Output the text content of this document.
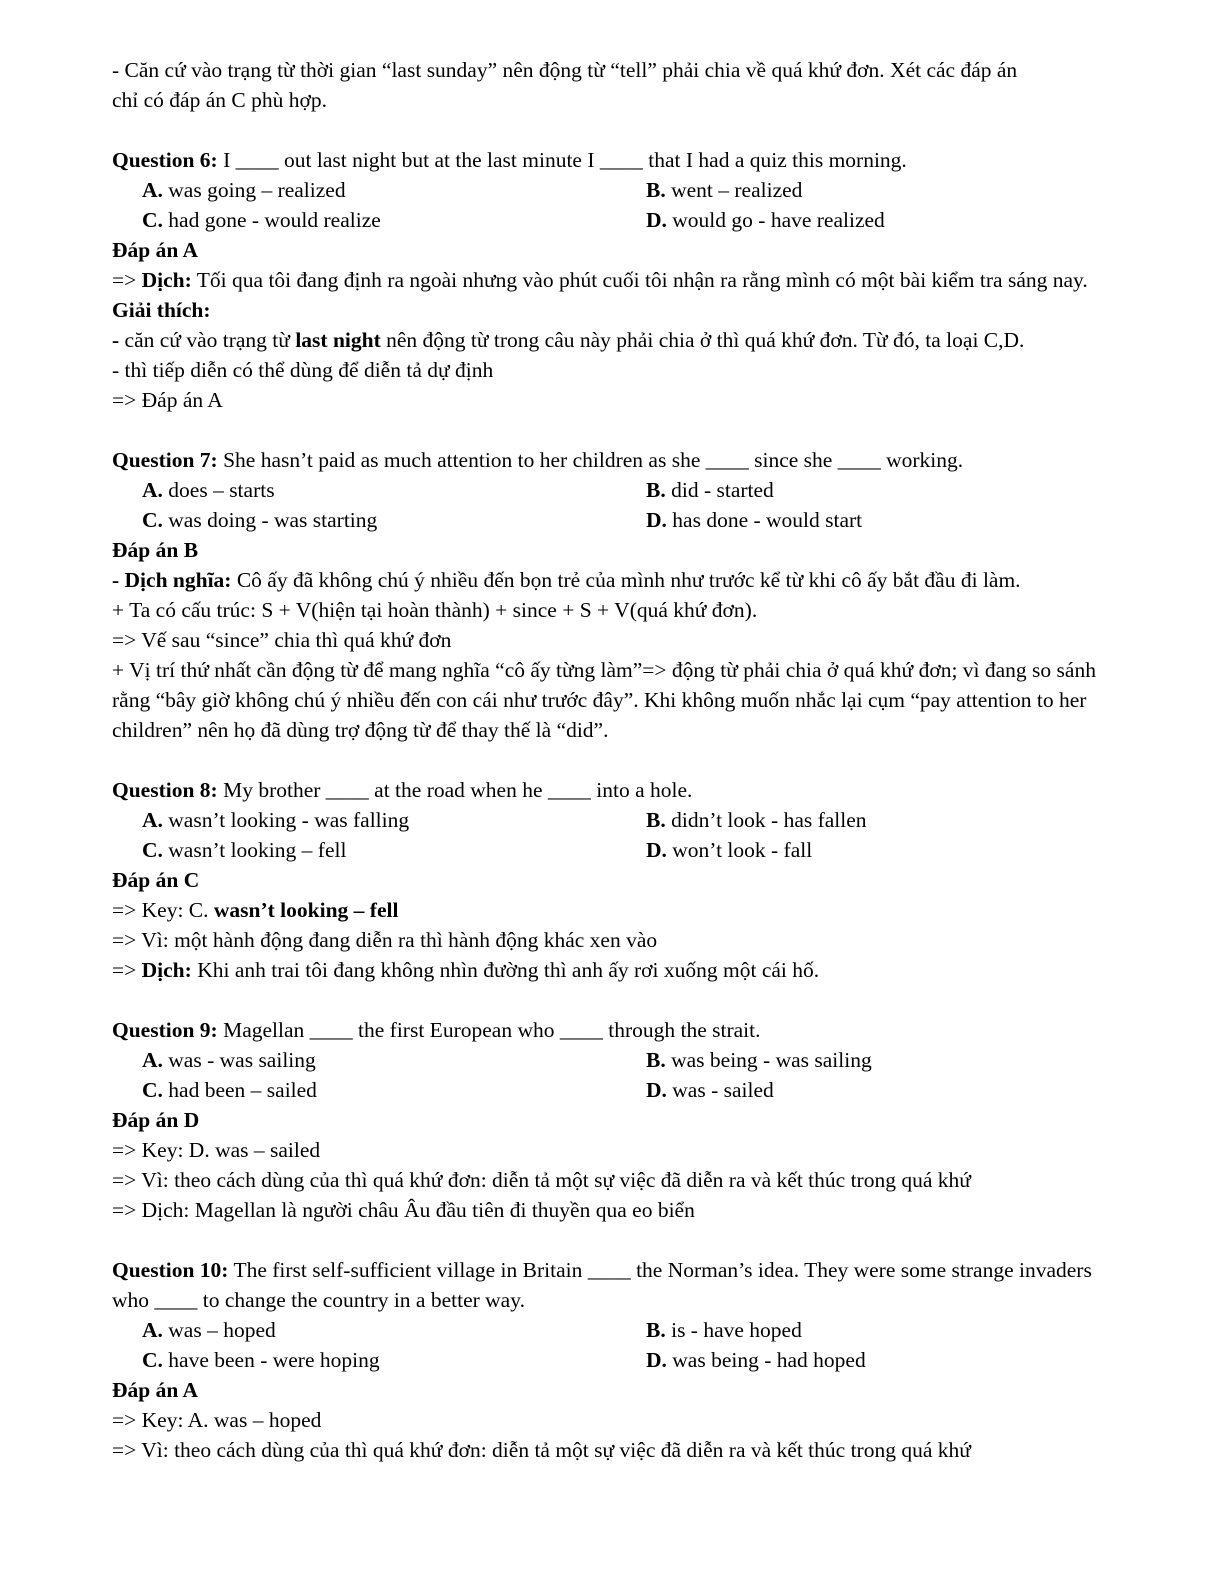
- Căn cứ vào trạng từ thời gian “last sunday” nên động từ “tell” phải chia về quá khứ đơn. Xét các đáp án

chỉ có đáp án C phù hợp.

Question 6: I ____ out last night but at the last minute I ____ that I had a quiz this morning.

A. was going – realized	B. went – realized
C. had gone - would realize	D. would go - have realized

Đáp án A

=> Dịch: Tối qua tôi đang định ra ngoài nhưng vào phút cuối tôi nhận ra rằng mình có một bài kiểm tra sáng nay.

Giải thích:

- căn cứ vào trạng từ last night nên động từ trong câu này phải chia ở thì quá khứ đơn. Từ đó, ta loại C,D.

- thì tiếp diễn có thể dùng để diễn tả dự định

=> Đáp án A

Question 7: She hasn’t paid as much attention to her children as she ____ since she ____ working.

A. does – starts	B. did - started
C. was doing - was starting	D. has done - would start

Đáp án B

- Dịch nghĩa: Cô ấy đã không chú ý nhiều đến bọn trẻ của mình như trước kể từ khi cô ấy bắt đầu đi làm.

+ Ta có cấu trúc: S + V(hiện tại hoàn thành) + since + S + V(quá khứ đơn).

=> Vế sau “since” chia thì quá khứ đơn

+ Vị trí thứ nhất cần động từ để mang nghĩa “cô ấy từng làm”=> động từ phải chia ở quá khứ đơn; vì đang so sánh rằng “bây giờ không chú ý nhiều đến con cái như trước đây”. Khi không muốn nhắc lại cụm “pay attention to her children” nên họ đã dùng trợ động từ để thay thế là “did”.

Question 8: My brother ____ at the road when he ____ into a hole.

A. wasn’t looking - was falling	B. didn’t look - has fallen
C. wasn’t looking – fell	D. won’t look - fall

Đáp án C

=> Key: C. wasn’t looking – fell

=> Vì: một hành động đang diễn ra thì hành động khác xen vào

=> Dịch: Khi anh trai tôi đang không nhìn đường thì anh ấy rơi xuống một cái hố.

Question 9: Magellan ____ the first European who ____ through the strait.

A. was - was sailing	B. was being - was sailing
C. had been – sailed	D. was - sailed

Đáp án D

=> Key: D. was – sailed

=> Vì: theo cách dùng của thì quá khứ đơn: diễn tả một sự việc đã diễn ra và kết thúc trong quá khứ

=> Dịch: Magellan là người châu Âu đầu tiên đi thuyền qua eo biển

Question 10: The first self-sufficient village in Britain ____ the Norman’s idea. They were some strange invaders who ____ to change the country in a better way.

A. was – hoped	B. is - have hoped
C. have been - were hoping	D. was being - had hoped

Đáp án A

=> Key: A. was – hoped

=> Vì: theo cách dùng của thì quá khứ đơn: diễn tả một sự việc đã diễn ra và kết thúc trong quá khứ
